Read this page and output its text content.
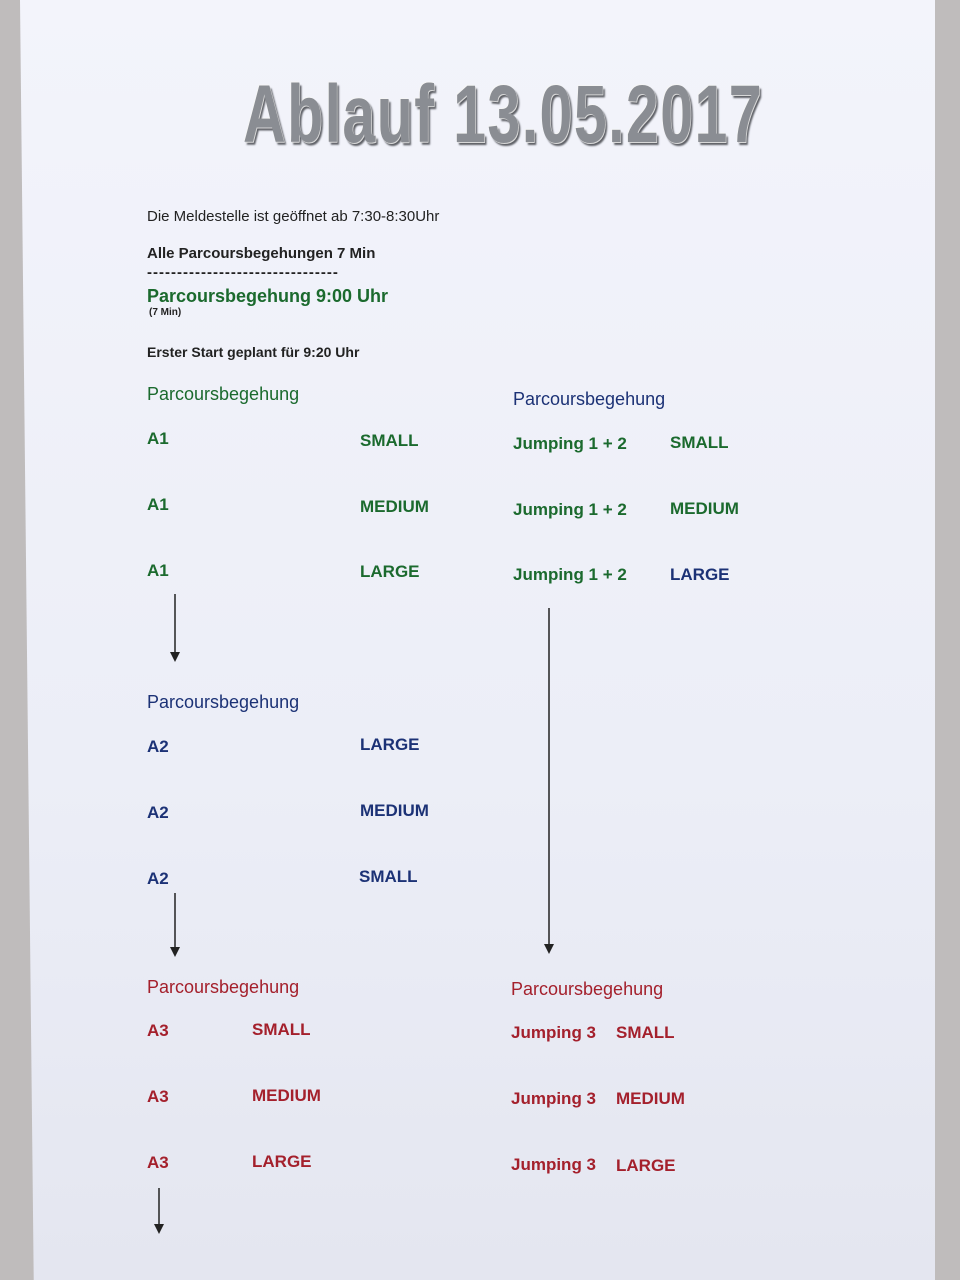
Ablauf 13.05.2017
Die Meldestelle ist geöffnet ab 7:30-8:30Uhr
Alle Parcoursbegehungen 7 Min
--------------------------------
Parcoursbegehung 9:00 Uhr
(7 Min)
Erster Start geplant für 9:20 Uhr
Parcoursbegehung
A1	SMALL
A1	MEDIUM
A1	LARGE
Parcoursbegehung
A2	LARGE
A2	MEDIUM
A2	SMALL
Parcoursbegehung
A3	SMALL
A3	MEDIUM
A3	LARGE
Parcoursbegehung
Jumping 1 + 2	SMALL
Jumping 1 + 2	MEDIUM
Jumping 1 + 2	LARGE
Parcoursbegehung
Jumping 3 SMALL
Jumping 3 MEDIUM
Jumping 3 LARGE
